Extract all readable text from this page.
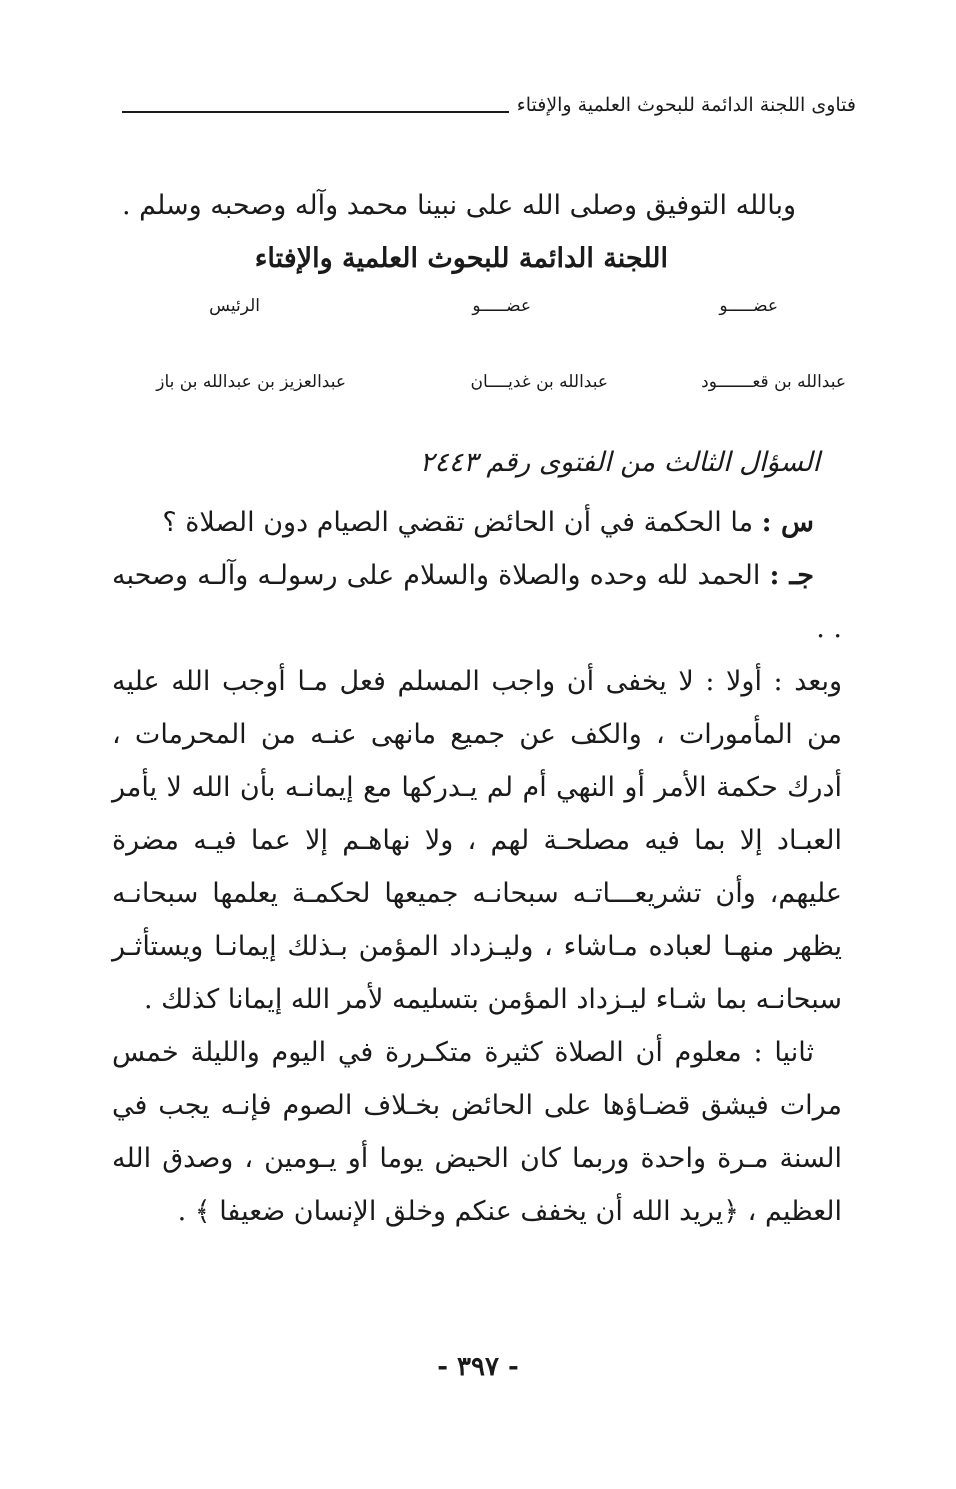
فتاوى اللجنة الدائمة للبحوث العلمية والإفتاء
وبالله التوفيق وصلى الله على نبينا محمد وآله وصحبه وسلم .
اللجنة الدائمة للبحوث العلمية والإفتاء
عضـــــو
عضـــــو
الرئيس
عبدالله بن قعـــــــود
عبدالله بن غديــــان
عبدالعزيز بن عبدالله بن باز
السؤال الثالث من الفتوى رقم ٢٤٤٣

س : ما الحكمة في أن الحائض تقضي الصيام دون الصلاة ؟

جـ : الحمد لله وحده والصلاة والسلام على رسولـه وآلـه وصحبه . .

وبعد : أولا : لا يخفى أن واجب المسلم فعل مـا أوجب الله عليه من المأمورات ، والكف عن جميع مانهى عنـه من المحرمات ، أدرك حكمة الأمر أو النهي أم لم يـدركها مع إيمانـه بأن الله لا يأمر العبـاد إلا بما فيه مصلحـة لهم ، ولا نهاهـم إلا عما فيـه مضرة عليهم، وأن تشريعـــاتـه سبحانـه جميعها لحكمـة يعلمها سبحانـه يظهر منهـا لعباده مـاشاء ، وليـزداد المؤمن بـذلك إيمانـا ويستأثـر سبحانـه بما شـاء ليـزداد المؤمن بتسليمه لأمر الله إيمانا كذلك .

ثانيا : معلوم أن الصلاة كثيرة متكـررة في اليوم والليلة خمس مرات فيشق قضـاؤها على الحائض بخـلاف الصوم فإنـه يجب في السنة مـرة واحدة وربما كان الحيض يوما أو يـومين ، وصدق الله العظيم ، ﴿يريد الله أن يخفف عنكم وخلق الإنسان ضعيفا ﴾ .

- ٣٩٧ -
